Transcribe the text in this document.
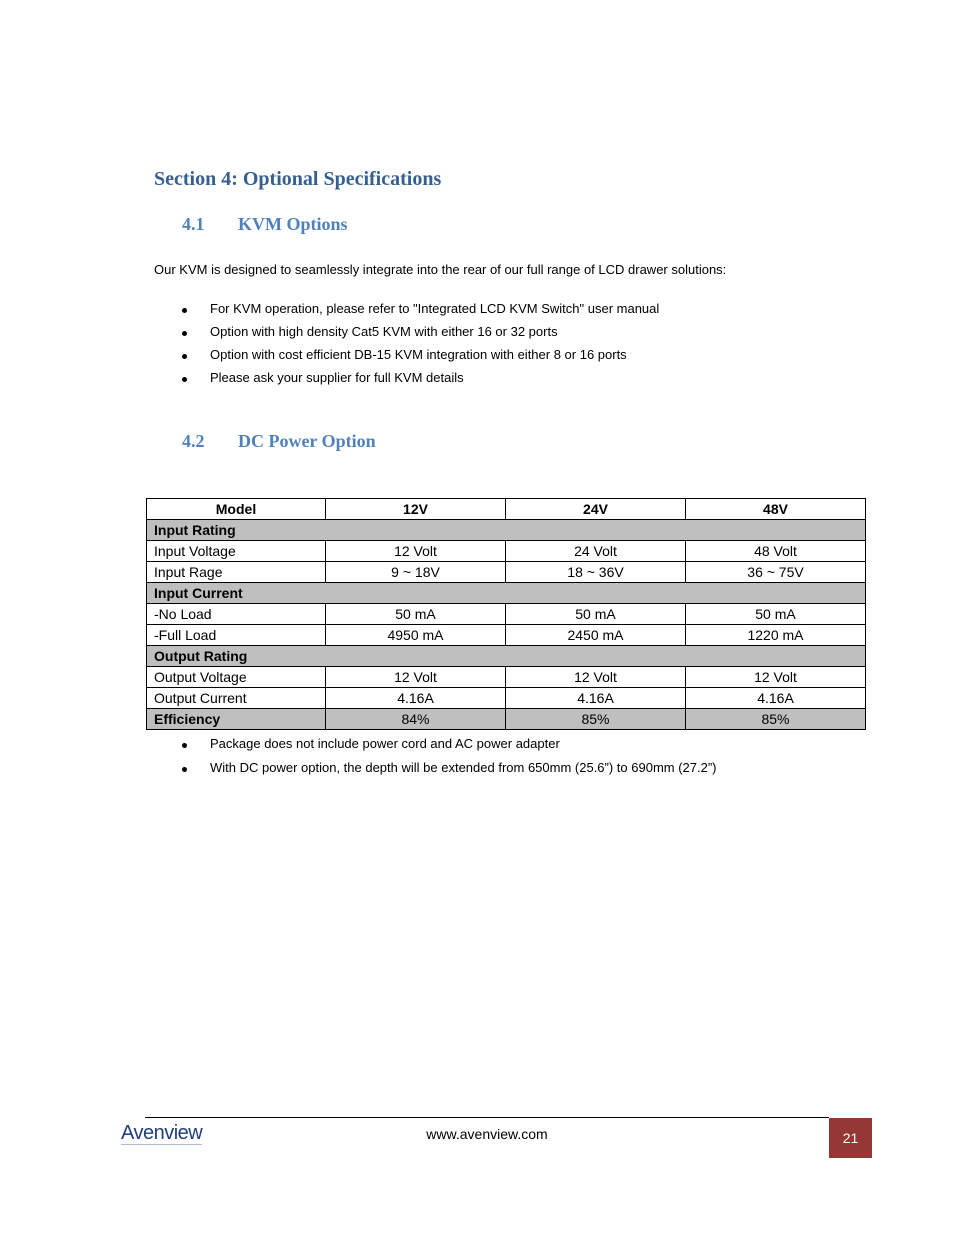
Section 4: Optional Specifications
4.1	KVM Options

Our KVM is designed to seamlessly integrate into the rear of our full range of LCD drawer solutions:

For KVM operation, please refer to "Integrated LCD KVM Switch" user manual
Option with high density Cat5 KVM with either 16 or 32 ports
Option with cost efficient DB-15 KVM integration with either 8 or 16 ports
Please ask your supplier for full KVM details
4.2	DC Power Option
Model	12V	24V	48V
Input Rating			
Input Voltage	12 Volt	24 Volt	48 Volt
Input Rage	9 ~ 18V	18 ~ 36V	36 ~ 75V
Input Current			
-No Load	50 mA	50 mA	50 mA
-Full Load	4950 mA	2450 mA	1220 mA
Output Rating			
Output Voltage	12 Volt	12 Volt	12 Volt
Output Current	4.16A	4.16A	4.16A
Efficiency	84%	85%	85%
Package does not include power cord and AC power adapter
With DC power option, the depth will be extended from 650mm (25.6”) to 690mm (27.2”)
Avenview	www.avenview.com	21
